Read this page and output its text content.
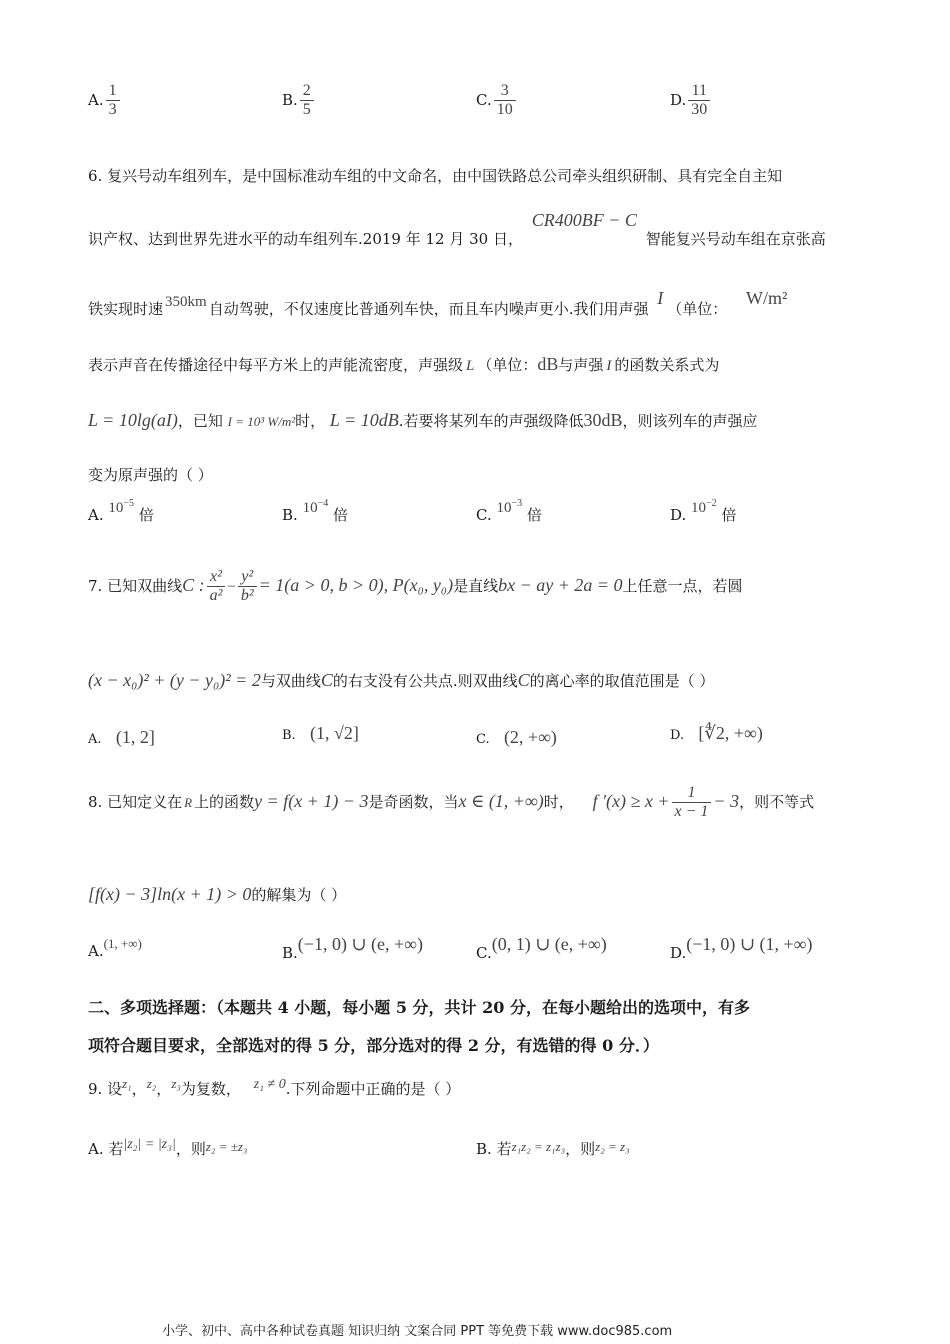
A. $\frac{1}{3}$	B. $\frac{2}{5}$	C. $\frac{3}{10}$	D. $\frac{11}{30}$
6. 复兴号动车组列车，是中国标准动车组的中文命名，由中国铁路总公司牵头组织研制、具有完全自主知
识产权、达到世界先进水平的动车组列车.2019 年 12 月 30 日， CR400BF − C 智能复兴号动车组在京张高
铁实现时速 350km 自动驾驶，不仅速度比普通列车快，而且车内噪声更小.我们用声强 I（单位： W/m²
表示声音在传播途径中每平方米上的声能流密度，声强级 L （单位：dB与声强 I 的函数关系式为
L = 10lg(aI)，已知 I = 10³ W/m²时， L = 10dB.若要将某列车的声强级降低30dB，则该列车的声强应
变为原声强的（ ）
A. $10^{-5}$ 倍	B. $10^{-4}$ 倍	C. $10^{-3}$ 倍	D. $10^{-2}$ 倍
7. 已知双曲线C : $\frac{\text{x²}}{\text{a²}} - \frac{\text{y²}}{\text{b²}} = 1(a > 0$, b > 0), P(x₀, y₀)是直线bx − ay + 2a = 0上任意一点，若圆
(x − x₀)² + (y − y₀)² = 2与双曲线C的右支没有公共点.则双曲线C的离心率的取值范围是（ ）
A. (1, 2]	B. (1, √2]	C. (2, +∞)	D. [∜2, +∞)
8. 已知定义在 R 上的函数y = f(x + 1) − 3是奇函数，当x ∈ (1, +∞)时， f $'(x) \ge x + \frac{1}{x - 1} - 3$，则不等式
[f(x) − 3]ln(x + 1) > 0的解集为（ ）
A.(1, +∞)
B.(−1, 0) ∪ (e, +∞)	C.(0, 1) ∪ (e, +∞)	D.(−1, 0) ∪ (1, +∞)
二、多项选择题：（本题共 4 小题，每小题 5 分，共计 20 分，在每小题给出的选项中，有多
项符合题目要求，全部选对的得 5 分，部分选对的得 2 分，有选错的得 0 分．）
9. 设z₁，z₂，z₃为复数， z₁ ≠ 0.下列命题中正确的是（ ）
A. 若|z₂| = |z₃|，则z₂ = ±z₃	B. 若z₁z₂ = z₁z₃，则z₂ = z₃
小学、初中、高中各种试卷真题 知识归纳 文案合同 PPT 等免费下载 www.doc985.com
